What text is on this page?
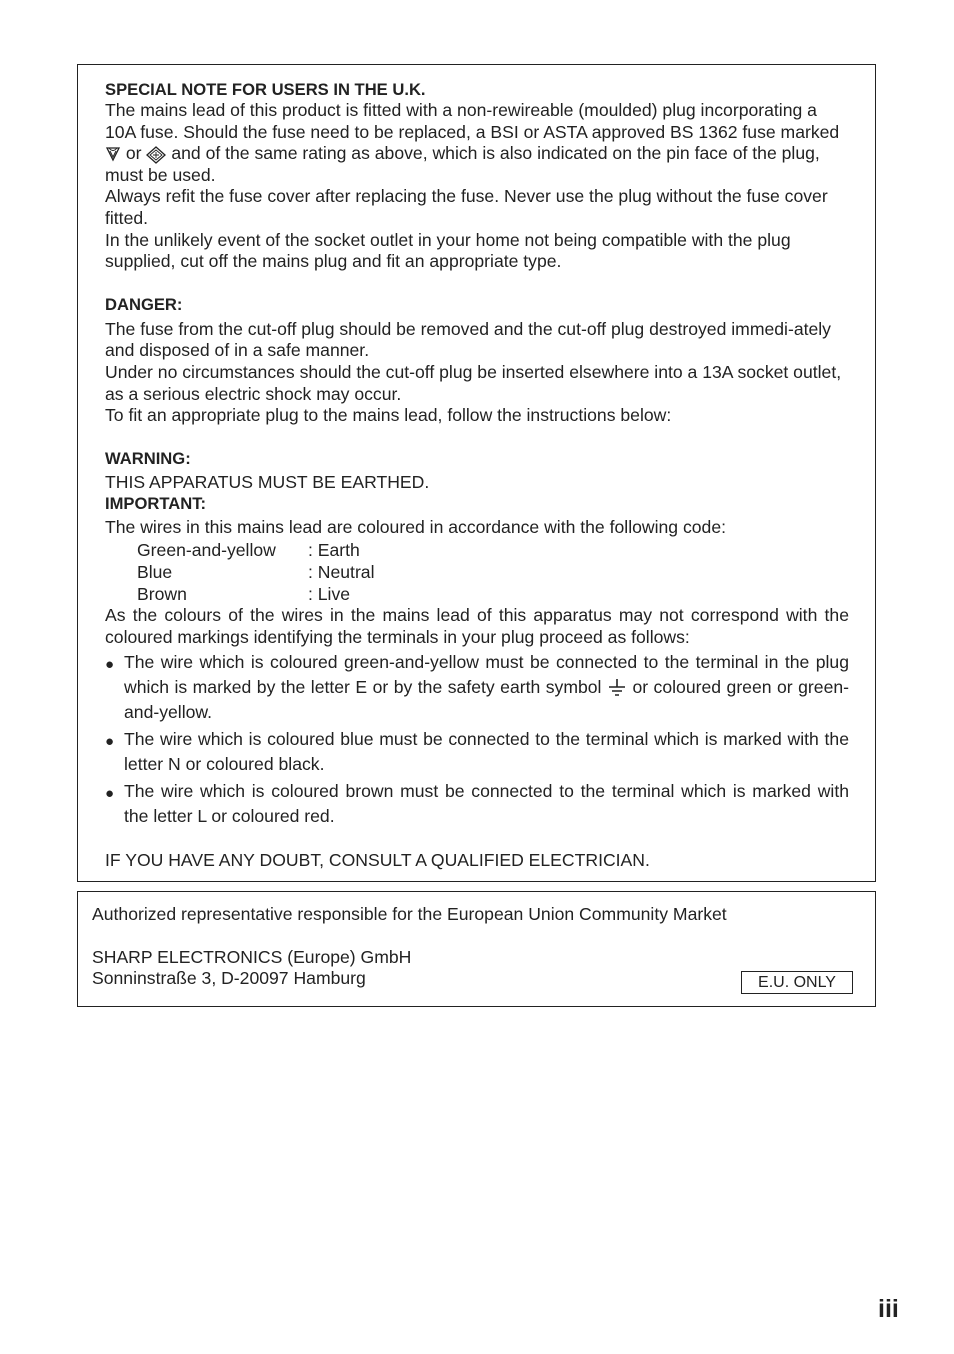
SPECIAL NOTE FOR USERS IN THE U.K.

The mains lead of this product is fitted with a non-rewireable (moulded) plug incorporating a 10A fuse. Should the fuse need to be replaced, a BSI or ASTA approved BS 1362 fuse marked  or and of the same rating as above, which is also indicated on the pin face of the plug, must be used.

Always refit the fuse cover after replacing the fuse. Never use the plug without the fuse cover fitted.

In the unlikely event of the socket outlet in your home not being compatible with the plug supplied, cut off the mains plug and fit an appropriate type.

DANGER:

The fuse from the cut-off plug should be removed and the cut-off plug destroyed immedi-ately and disposed of in a safe manner.

Under no circumstances should the cut-off plug be inserted elsewhere into a 13A socket outlet, as a serious electric shock may occur.

To fit an appropriate plug to the mains lead, follow the instructions below:

WARNING:

THIS APPARATUS MUST BE EARTHED.

IMPORTANT:

The wires in this mains lead are coloured in accordance with the following code:

Green-and-yellow	: Earth
Blue	: Neutral
Brown	: Live

As the colours of the wires in the mains lead of this apparatus may not correspond with the coloured markings identifying the terminals in your plug proceed as follows:

● The wire which is coloured green-and-yellow must be connected to the terminal in the plug which is marked by the letter E or by the safety earth symbol or coloured green or green-and-yellow.
● The wire which is coloured blue must be connected to the terminal which is marked with the letter N or coloured black.
● The wire which is coloured brown must be connected to the terminal which is marked with the letter L or coloured red.

IF YOU HAVE ANY DOUBT, CONSULT A QUALIFIED ELECTRICIAN.

Authorized representative responsible for the European Union Community Market

SHARP ELECTRONICS (Europe) GmbH

Sonninstraße 3, D-20097 Hamburg	E.U. ONLY
iii
